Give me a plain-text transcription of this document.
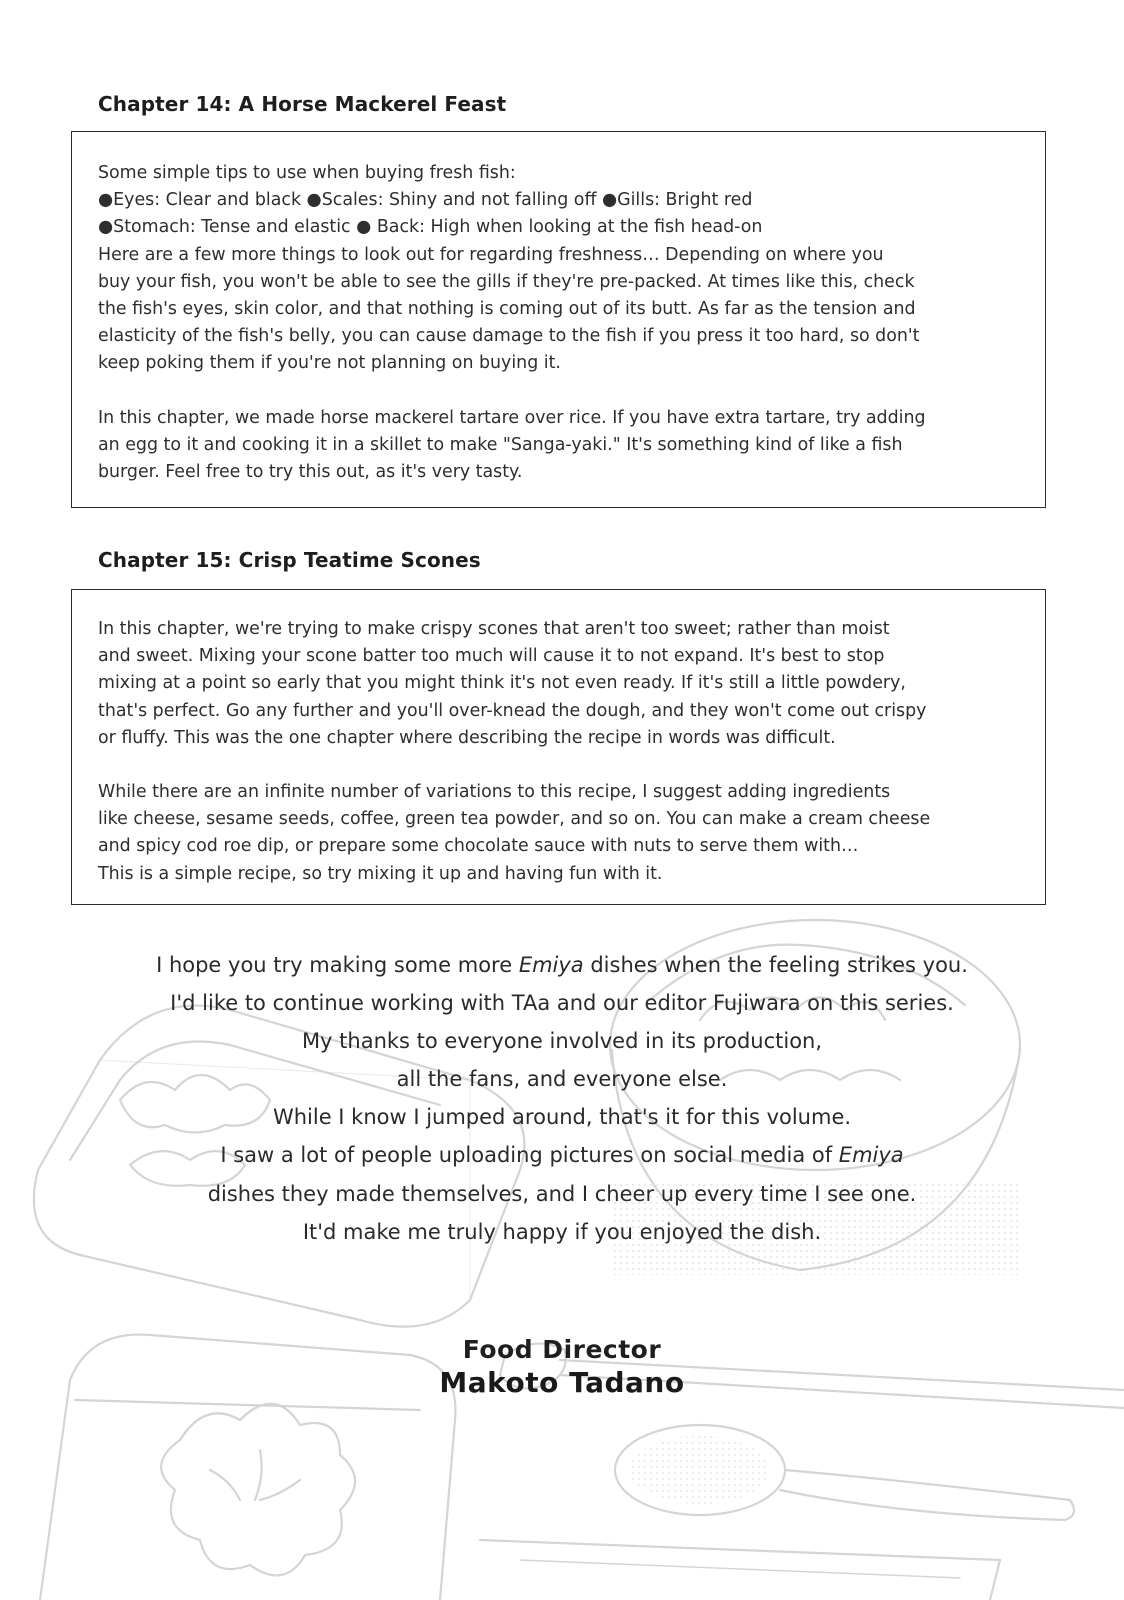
Chapter 14: A Horse Mackerel Feast

Some simple tips to use when buying fresh fish:
●Eyes: Clear and black ●Scales: Shiny and not falling off ●Gills: Bright red
●Stomach: Tense and elastic ● Back: High when looking at the fish head-on
Here are a few more things to look out for regarding freshness… Depending on where you
buy your fish, you won't be able to see the gills if they're pre-packed. At times like this, check
the fish's eyes, skin color, and that nothing is coming out of its butt. As far as the tension and
elasticity of the fish's belly, you can cause damage to the fish if you press it too hard, so don't
keep poking them if you're not planning on buying it.

In this chapter, we made horse mackerel tartare over rice. If you have extra tartare, try adding
an egg to it and cooking it in a skillet to make "Sanga-yaki." It's something kind of like a fish
burger. Feel free to try this out, as it's very tasty.

Chapter 15: Crisp Teatime Scones

In this chapter, we're trying to make crispy scones that aren't too sweet; rather than moist
and sweet. Mixing your scone batter too much will cause it to not expand. It's best to stop
mixing at a point so early that you might think it's not even ready. If it's still a little powdery,
that's perfect. Go any further and you'll over-knead the dough, and they won't come out crispy
or fluffy. This was the one chapter where describing the recipe in words was difficult.

While there are an infinite number of variations to this recipe, I suggest adding ingredients
like cheese, sesame seeds, coffee, green tea powder, and so on. You can make a cream cheese
and spicy cod roe dip, or prepare some chocolate sauce with nuts to serve them with…
This is a simple recipe, so try mixing it up and having fun with it.

I hope you try making some more Emiya dishes when the feeling strikes you.
I'd like to continue working with TAa and our editor Fujiwara on this series.
My thanks to everyone involved in its production,
all the fans, and everyone else.
While I know I jumped around, that's it for this volume.
I saw a lot of people uploading pictures on social media of Emiya
dishes they made themselves, and I cheer up every time I see one.
It'd make me truly happy if you enjoyed the dish.
Food Director
Makoto Tadano
